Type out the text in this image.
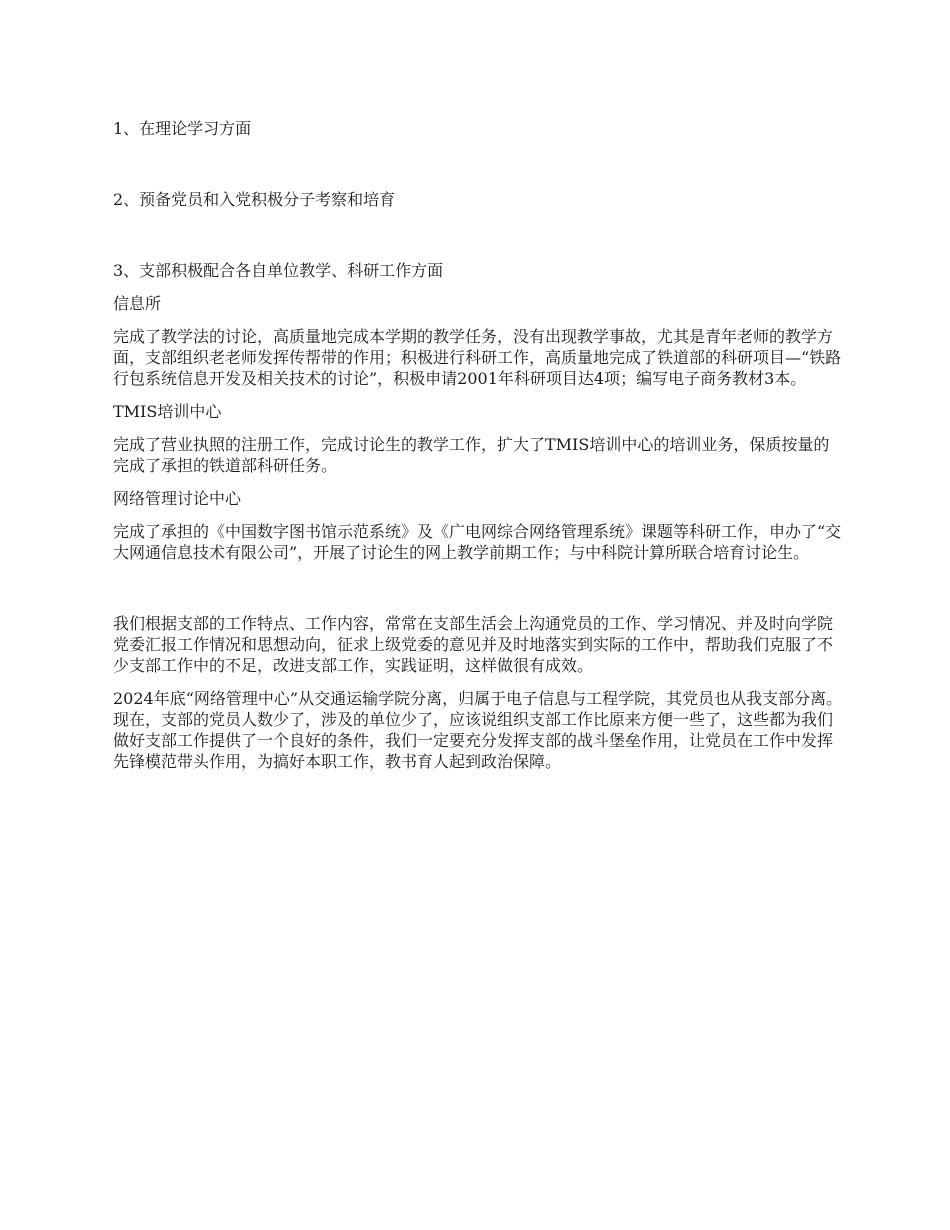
1、在理论学习方面

2、预备党员和入党积极分子考察和培育

3、支部积极配合各自单位教学、科研工作方面

信息所

完成了教学法的讨论，高质量地完成本学期的教学任务，没有出现教学事故，尤其是青年老师的教学方面，支部组织老老师发挥传帮带的作用；积极进行科研工作，高质量地完成了铁道部的科研项目—“铁路行包系统信息开发及相关技术的讨论”，积极申请2001年科研项目达4项；编写电子商务教材3本。

TMIS培训中心

完成了营业执照的注册工作，完成讨论生的教学工作，扩大了TMIS培训中心的培训业务，保质按量的完成了承担的铁道部科研任务。

网络管理讨论中心

完成了承担的《中国数字图书馆示范系统》及《广电网综合网络管理系统》课题等科研工作，申办了“交大网通信息技术有限公司”，开展了讨论生的网上教学前期工作；与中科院计算所联合培育讨论生。

我们根据支部的工作特点、工作内容，常常在支部生活会上沟通党员的工作、学习情况、并及时向学院党委汇报工作情况和思想动向，征求上级党委的意见并及时地落实到实际的工作中，帮助我们克服了不少支部工作中的不足，改进支部工作，实践证明，这样做很有成效。

2024年底“网络管理中心”从交通运输学院分离，归属于电子信息与工程学院，其党员也从我支部分离。现在，支部的党员人数少了，涉及的单位少了，应该说组织支部工作比原来方便一些了，这些都为我们做好支部工作提供了一个良好的条件，我们一定要充分发挥支部的战斗堡垒作用，让党员在工作中发挥先锋模范带头作用，为搞好本职工作，教书育人起到政治保障。
